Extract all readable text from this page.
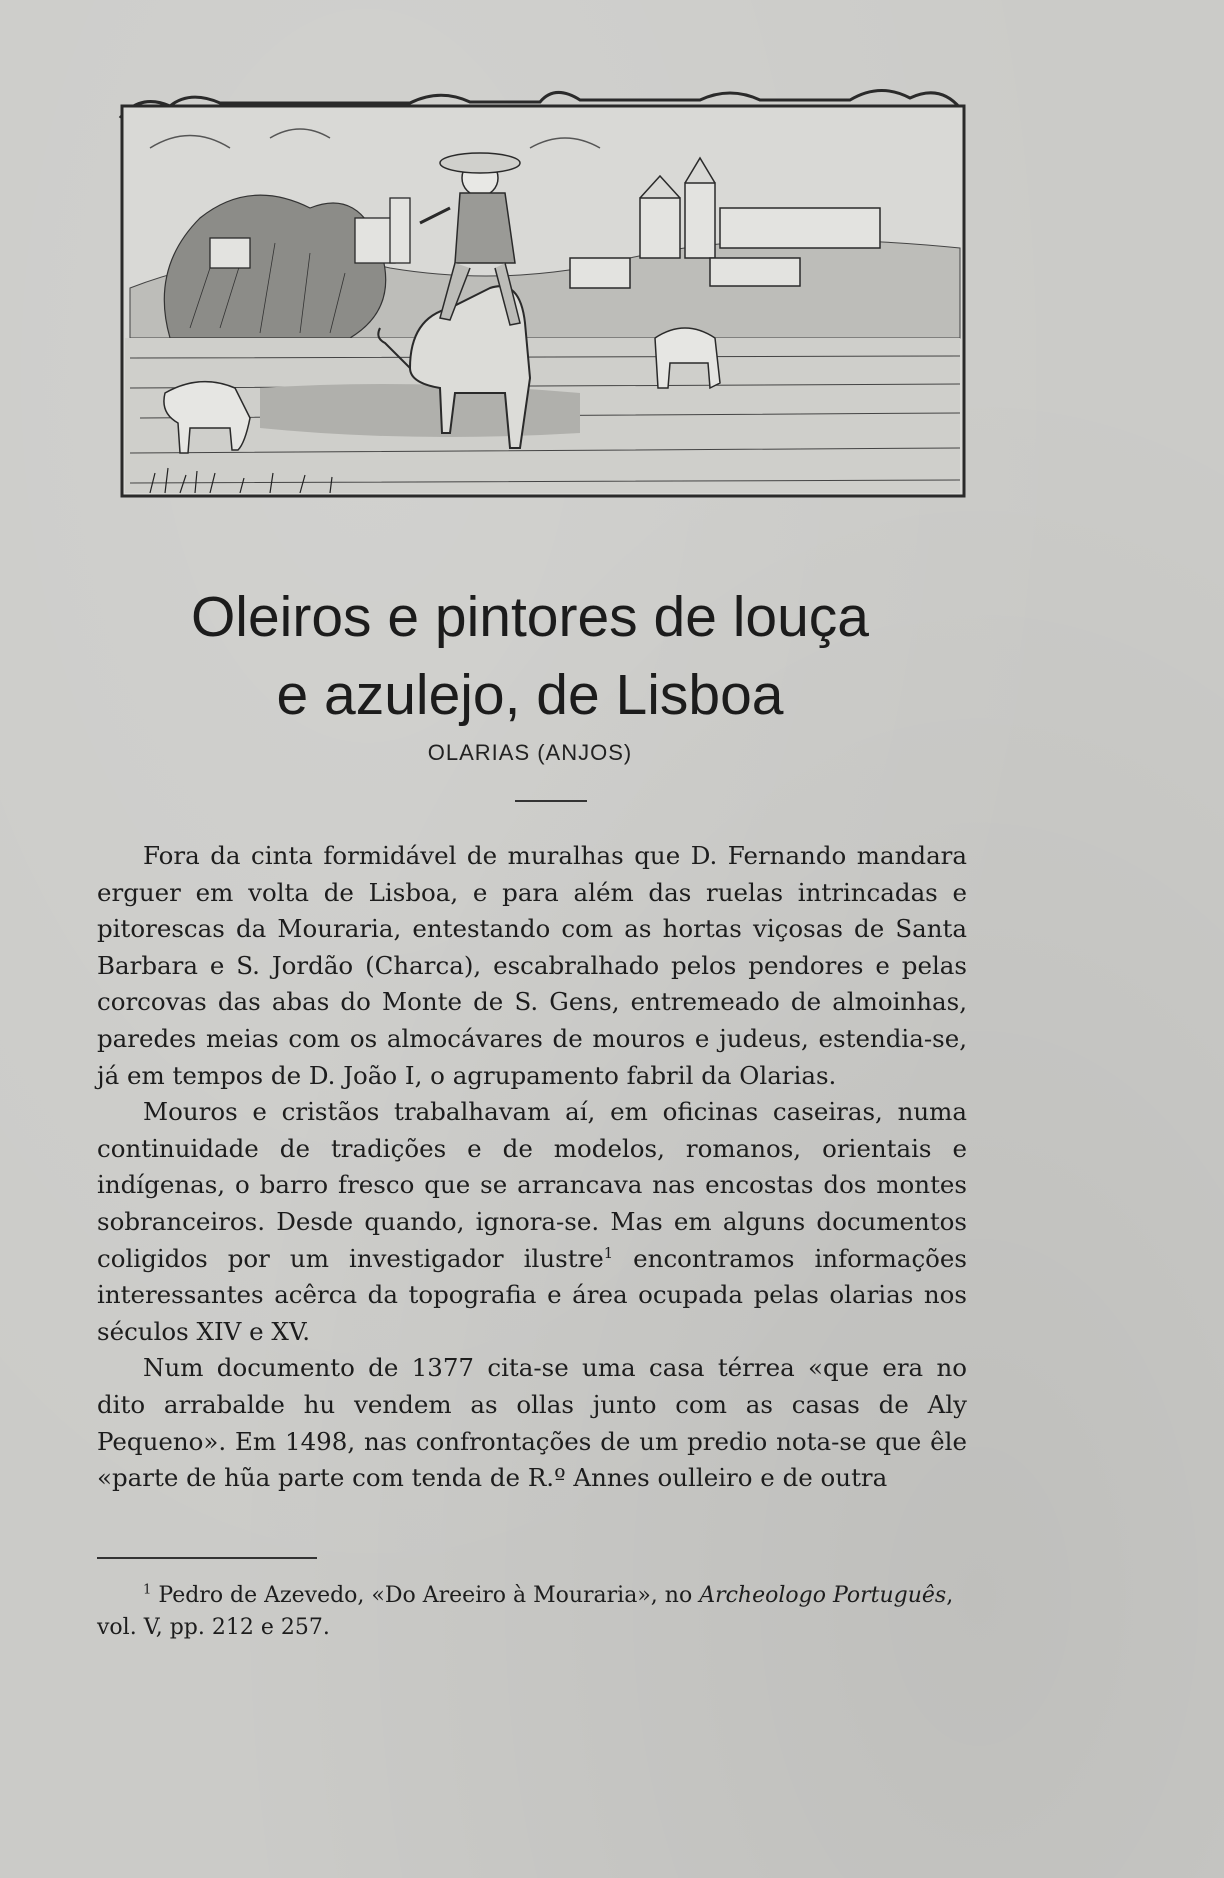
Oleiros e pintores de louça
e azulejo, de Lisboa
OLARIAS (ANJOS)

Fora da cinta formidável de muralhas que D. Fernando mandara erguer em volta de Lisboa, e para além das ruelas intrincadas e pitorescas da Mouraria, entestando com as hortas viçosas de Santa Barbara e S. Jordão (Charca), escabralhado pelos pendores e pelas corcovas das abas do Monte de S. Gens, entremeado de almoinhas, paredes meias com os almocávares de mouros e judeus, estendia-se, já em tempos de D. João I, o agrupamento fabril da Olarias.

Mouros e cristãos trabalhavam aí, em oficinas caseiras, numa continuidade de tradições e de modelos, romanos, orientais e indígenas, o barro fresco que se arrancava nas encostas dos montes sobranceiros. Desde quando, ignora-se. Mas em alguns documentos coligidos por um investigador ilustre$^1$ encontramos informações interessantes acêrca da topografia e área ocupada pelas olarias nos séculos XIV e XV.

Num documento de 1377 cita-se uma casa térrea «que era no dito arrabalde hu vendem as ollas junto com as casas de Aly Pequeno». Em 1498, nas confrontações de um predio nota-se que êle «parte de hũa parte com tenda de R.º Annes oulleiro e de outra

$^1$ Pedro de Azevedo, «Do Areeiro à Mouraria», no Archeologo Português, vol. V, pp. 212 e 257.
